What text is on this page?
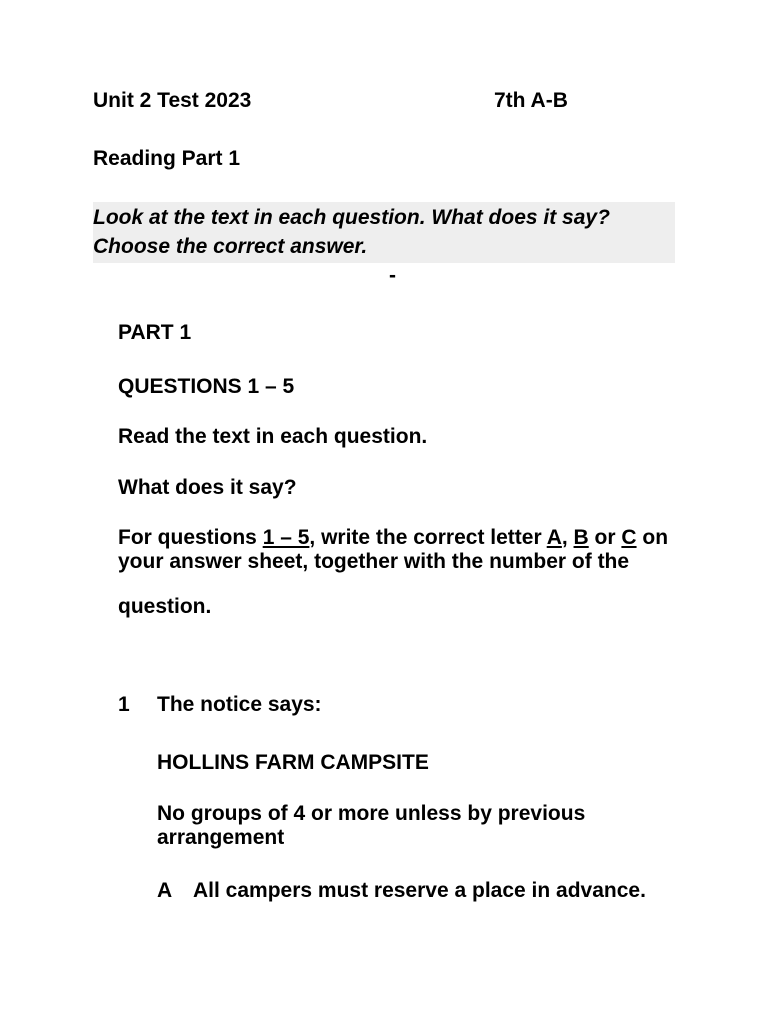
Unit 2 Test 2023	7th A-B
Reading Part 1
Look at the text in each question. What does it say?
Choose the correct answer.
-
PART 1
QUESTIONS 1 – 5
Read the text in each question.
What does it say?
For questions 1 – 5, write the correct letter A, B or C on
your answer sheet, together with the number of the
question.
1 The notice says:
HOLLINS FARM CAMPSITE
No groups of 4 or more unless by previous
arrangement
A All campers must reserve a place in advance.
